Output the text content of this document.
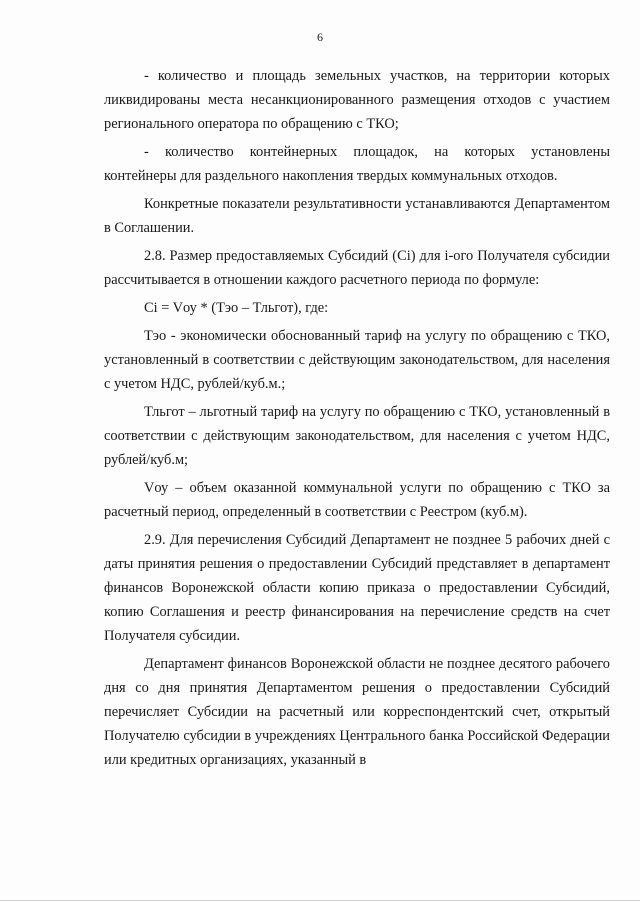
6

- количество и площадь земельных участков, на территории которых ликвидированы места несанкционированного размещения отходов с участием регионального оператора по обращению с ТКО;

- количество контейнерных площадок, на которых установлены контейнеры для раздельного накопления твердых коммунальных отходов.

Конкретные показатели результативности устанавливаются Департаментом в Соглашении.

2.8. Размер предоставляемых Субсидий (Ci) для i-ого Получателя субсидии рассчитывается в отношении каждого расчетного периода по формуле:

Ci = Vоу * (Тэо – Тльгот), где:

Тэо - экономически обоснованный тариф на услугу по обращению с ТКО, установленный в соответствии с действующим законодательством, для населения с учетом НДС, рублей/куб.м.;

Тльгот – льготный тариф на услугу по обращению с ТКО, установленный в соответствии с действующим законодательством, для населения с учетом НДС, рублей/куб.м;

Vоу – объем оказанной коммунальной услуги по обращению с ТКО за расчетный период, определенный в соответствии с Реестром (куб.м).

2.9. Для перечисления Субсидий Департамент не позднее 5 рабочих дней с даты принятия решения о предоставлении Субсидий представляет в департамент финансов Воронежской области копию приказа о предоставлении Субсидий, копию Соглашения и реестр финансирования на перечисление средств на счет Получателя субсидии.

Департамент финансов Воронежской области не позднее десятого рабочего дня со дня принятия Департаментом решения о предоставлении Субсидий перечисляет Субсидии на расчетный или корреспондентский счет, открытый Получателю субсидии в учреждениях Центрального банка Российской Федерации или кредитных организациях, указанный в
